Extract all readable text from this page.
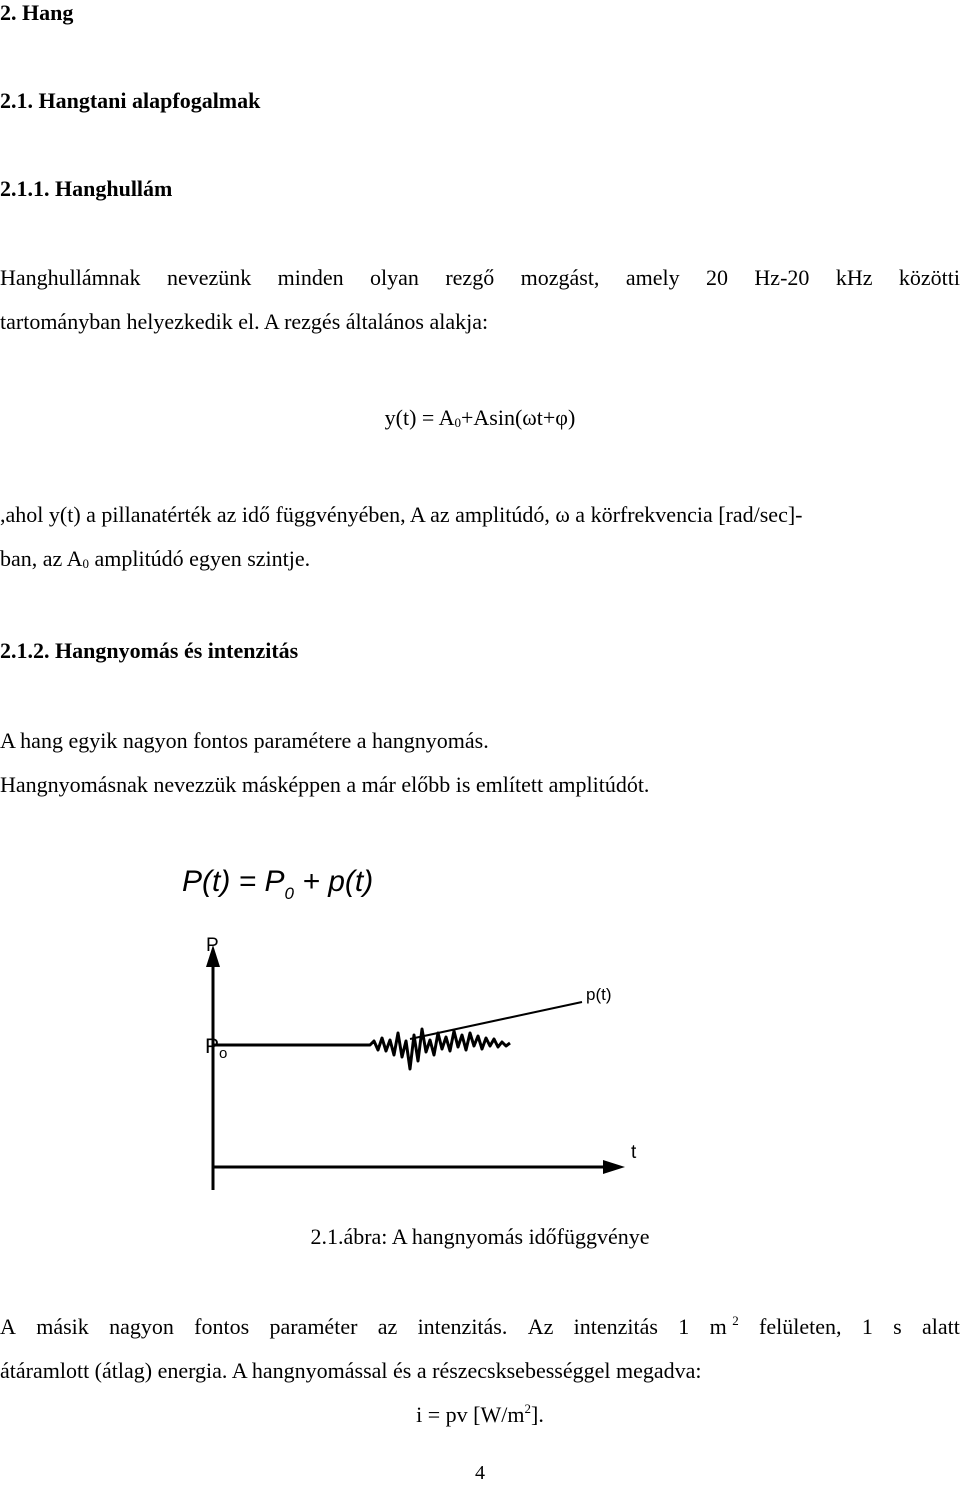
2. Hang
2.1. Hangtani alapfogalmak
2.1.1. Hanghullám
Hanghullámnak nevezünk minden olyan rezgő mozgást, amely 20 Hz-20 kHz közötti
tartományban helyezkedik el. A rezgés általános alakja:
$y(t) = A_0+Asin(\omega t+\varphi)$
,ahol y(t) a pillanatérték az idő függvényében, A az amplitúdó, ω a körfrekvencia [rad/sec]-
ban, az $A_0$ amplitúdó egyen szintje.
2.1.2. Hangnyomás és intenzitás
A hang egyik nagyon fontos paramétere a hangnyomás.
Hangnyomásnak nevezzük másképpen a már előbb is említett amplitúdót.
$P(t) = P_0 + p(t)$
P
$P_o$
p(t)
t
2.1.ábra: A hangnyomás időfüggvénye
A másik nagyon fontos paraméter az intenzitás. Az intenzitás 1 m $^2$ felületen, 1 s alatt
átáramlott (átlag) energia. A hangnyomással és a részecsksebességgel megadva:
i = pv $[W/m^2]$.
4
